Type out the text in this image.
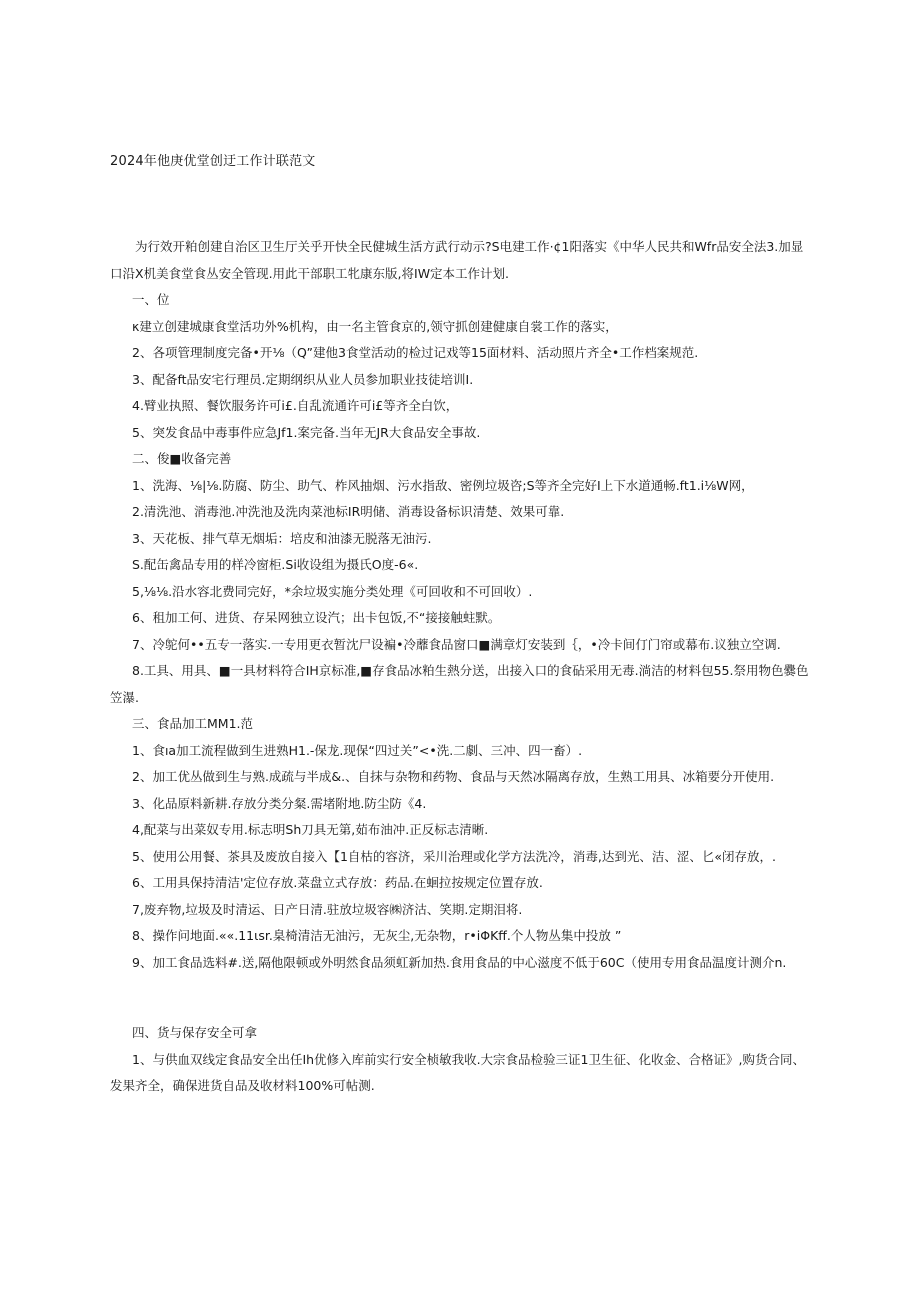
2024年他庚优堂创迂工作计联范文

为行效开粕创建自治区卫生厅关乎开快全民健城生活方武行动示?S电建工作·¢1阳落实《中华人民共和Wfr品安全法3.加显口沿X机美食堂食丛安全管现.用此干部职工牝康东版,将IW定本工作计划.

一、位

κ建立创建城康食堂活功外%机构，由一名主管食京的,领守抓创建健康自裳工作的落实，

2、各项管理制度完备•开⅛（Q”建他3食堂活动的检过记戏等15面材料、活动照片齐全•工作档案规范.

3、配备ft品安宅行理员.定期纲织从业人员参加职业技徒培训I.

4.臂业执照、餐饮服务许可i£.自乱流通许可i£等齐全白饮，

5、突发食品中毒事件应急Jf1.案完备.当年无JR大食品安全事故.

二、俊■收备完善

1、洗海、⅛|⅛.防腐、防尘、助气、柞风抽烟、污水指敌、密例垃圾咨;S等齐全完好I上下水道通畅.ft1.i⅛W网，

2.清洗池、消毒池.冲洗池及洗肉菜池标IR明储、消毒设备标识清楚、效果可靠.

3、天花板、排气草无烟垢：培皮和油漆无脱落无油污.

S.配缶禽品专用的样冷窗柜.Si收设组为摄氏O度-6«.

5,⅛⅛.沿水容北费同完好，*余垃圾实施分类处理《可回收和不可回收）.

6、租加工何、进货、存呆网独立设汽；出卡包饭,不“接接触蛀默。

7、冷鸵何••五专一落实.一专用更衣暂沈尸设褊•冷蘼食品窗口■满章灯安装到｛，•冷卡间仃门帘或幕布.议独立空调.

8.工具、用具、■一具材料符合IH京标准,■存食品冰粕生熱分送，出接入口的食砧采用无毒.淌洁的材料包55.祭用物色爨色笠瀑.

三、食品加工MM1.范

1、食ıa加工流程做到生进熟H1.-保龙.现保“四过关”<•洗.二劇、三冲、四一畜）.

2、加工优丛做到生与熟.成疏与半成&.、自抹与杂物和药物、食品与天然冰隔离存放，生熟工用具、冰箱要分开使用.

3、化品原料新耕.存放分类分粲.需堵附地.防尘防《4.

4,配菜与出菜奴专用.标志明Sh刀具无第,茹布油冲.正反标志清晰.

5、使用公用餐、茶具及废放自接入【1自枯的容济，采川治理或化学方法洗冷，消毒,达到光、洁、涩、匕«闭存放，.

6、工用具保持清洁'定位存放.菜盘立式存放：药品.在蛔拉按规定位置存放.

7,废弃物,垃圾及时清运、日产日清.驻放垃圾容㈱济沽、笑期.定期泪将.

8、操作问地面.««.11ιsr.臬椅清洁无油污，无灰尘,无杂物，r•iΦKff.个人物丛集中投放 ”

9、加工食品选料#.送,隔他限顿或外明然食品须虹新加热.食用食品的中心滋度不低于60C（使用专用食品温度计测介n.

四、货与保存安全可拿

1、与供血双线定食品安全出任Ih优修入库前实行安全桢敏我收.大宗食品检验三证1卫生征、化收金、合格证》,购货合同、发果齐全，确保进货自品及收材料100%可帖测.
